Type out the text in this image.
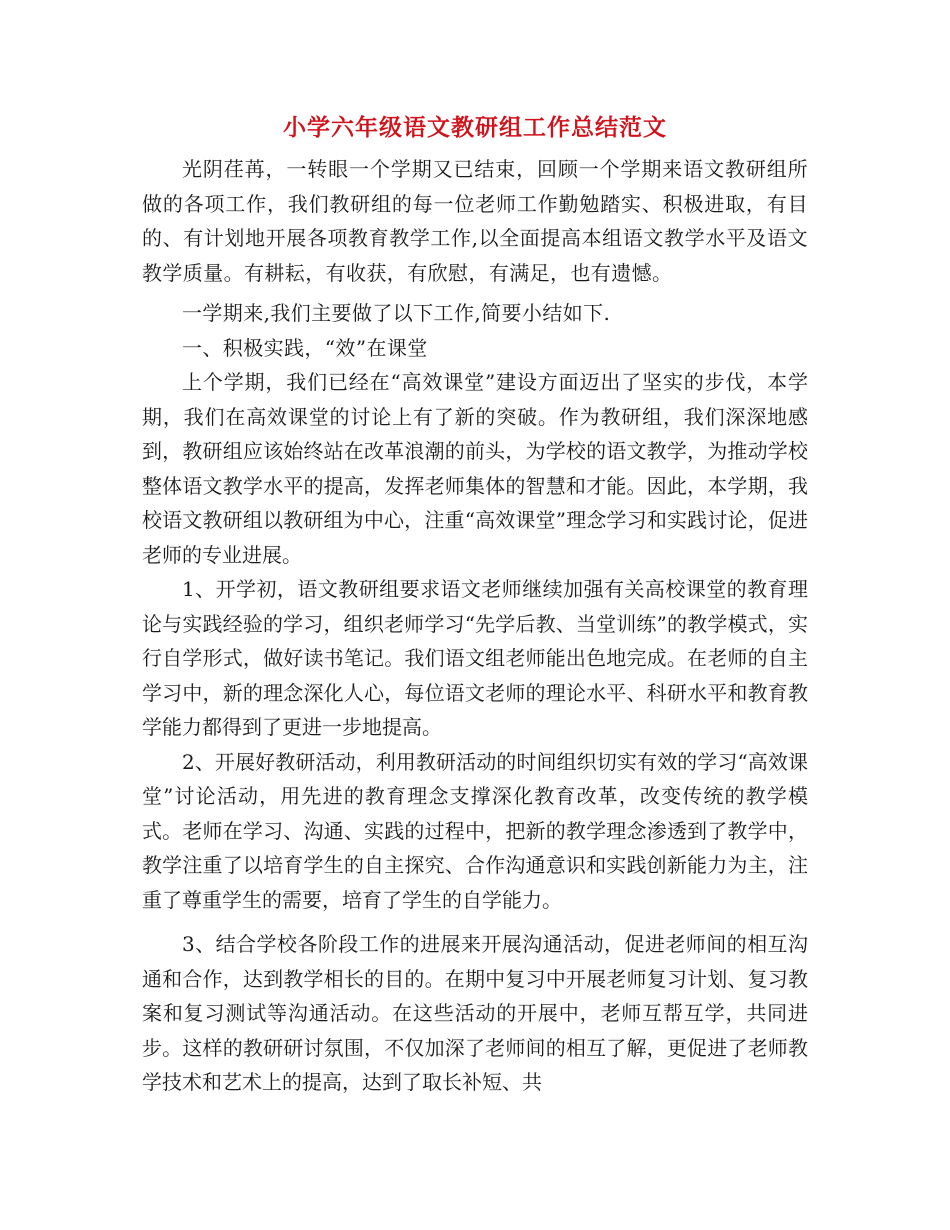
小学六年级语文教研组工作总结范文

光阴荏苒，一转眼一个学期又已结束，回顾一个学期来语文教研组所做的各项工作，我们教研组的每一位老师工作勤勉踏实、积极进取，有目的、有计划地开展各项教育教学工作,以全面提高本组语文教学水平及语文教学质量。有耕耘，有收获，有欣慰，有满足，也有遗憾。

一学期来,我们主要做了以下工作,简要小结如下.

一、积极实践，“效”在课堂

上个学期，我们已经在“高效课堂”建设方面迈出了坚实的步伐，本学期，我们在高效课堂的讨论上有了新的突破。作为教研组，我们深深地感到，教研组应该始终站在改革浪潮的前头，为学校的语文教学，为推动学校整体语文教学水平的提高，发挥老师集体的智慧和才能。因此，本学期，我校语文教研组以教研组为中心，注重“高效课堂”理念学习和实践讨论，促进老师的专业进展。

1、开学初，语文教研组要求语文老师继续加强有关高校课堂的教育理论与实践经验的学习，组织老师学习“先学后教、当堂训练”的教学模式，实行自学形式，做好读书笔记。我们语文组老师能出色地完成。在老师的自主学习中，新的理念深化人心，每位语文老师的理论水平、科研水平和教育教学能力都得到了更进一步地提高。

2、开展好教研活动，利用教研活动的时间组织切实有效的学习“高效课堂”讨论活动，用先进的教育理念支撑深化教育改革，改变传统的教学模式。老师在学习、沟通、实践的过程中，把新的教学理念渗透到了教学中，教学注重了以培育学生的自主探究、合作沟通意识和实践创新能力为主，注重了尊重学生的需要，培育了学生的自学能力。

3、结合学校各阶段工作的进展来开展沟通活动，促进老师间的相互沟通和合作，达到教学相长的目的。在期中复习中开展老师复习计划、复习教案和复习测试等沟通活动。在这些活动的开展中，老师互帮互学，共同进步。这样的教研研讨氛围，不仅加深了老师间的相互了解，更促进了老师教学技术和艺术上的提高，达到了取长补短、共
